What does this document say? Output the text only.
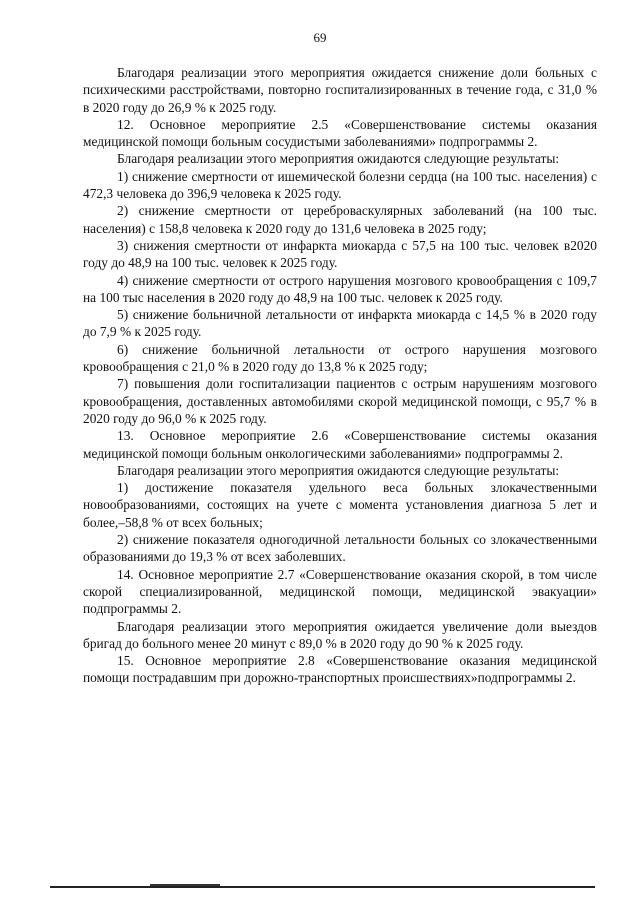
69

Благодаря реализации этого мероприятия ожидается снижение доли больных с психическими расстройствами, повторно госпитализированных в течение года, с 31,0 % в 2020 году до 26,9 % к 2025 году.

12. Основное мероприятие 2.5 «Совершенствование системы оказания медицинской помощи больным сосудистыми заболеваниями» подпрограммы 2.

Благодаря реализации этого мероприятия ожидаются следующие результаты:

1) снижение смертности от ишемической болезни сердца (на 100 тыс. населения) с 472,3 человека до 396,9 человека к 2025 году.

2) снижение смертности от цереброваскулярных заболеваний (на 100 тыс. населения) с 158,8 человека к 2020 году до 131,6 человека в 2025 году;

3) снижения смертности от инфаркта миокарда с 57,5 на 100 тыс. человек в2020 году до 48,9 на 100 тыс. человек к 2025 году.

4) снижение смертности от острого нарушения мозгового кровообращения с 109,7 на 100 тыс населения в 2020 году до 48,9 на 100 тыс. человек к 2025 году.

5) снижение больничной летальности от инфаркта миокарда с 14,5 % в 2020 году до 7,9 % к 2025 году.

6) снижение больничной летальности от острого нарушения мозгового кровообращения с 21,0 % в 2020 году до 13,8 % к 2025 году;

7) повышения доли госпитализации пациентов с острым нарушениям мозгового кровообращения, доставленных автомобилями скорой медицинской помощи, с 95,7 % в 2020 году до 96,0 % к 2025 году.

13. Основное мероприятие 2.6 «Совершенствование системы оказания медицинской помощи больным онкологическими заболеваниями» подпрограммы 2.

Благодаря реализации этого мероприятия ожидаются следующие результаты:

1) достижение показателя удельного веса больных злокачественными новообразованиями, состоящих на учете с момента установления диагноза 5 лет и более,–58,8 % от всех больных;

2) снижение показателя одногодичной летальности больных со злокачественными образованиями до 19,3 % от всех заболевших.

14. Основное мероприятие 2.7 «Совершенствование оказания скорой, в том числе скорой специализированной, медицинской помощи, медицинской эвакуации» подпрограммы 2.

Благодаря реализации этого мероприятия ожидается увеличение доли выездов бригад до больного менее 20 минут с 89,0 % в 2020 году до 90 % к 2025 году.

15. Основное мероприятие 2.8 «Совершенствование оказания медицинской помощи пострадавшим при дорожно-транспортных происшествиях»подпрограммы 2.
